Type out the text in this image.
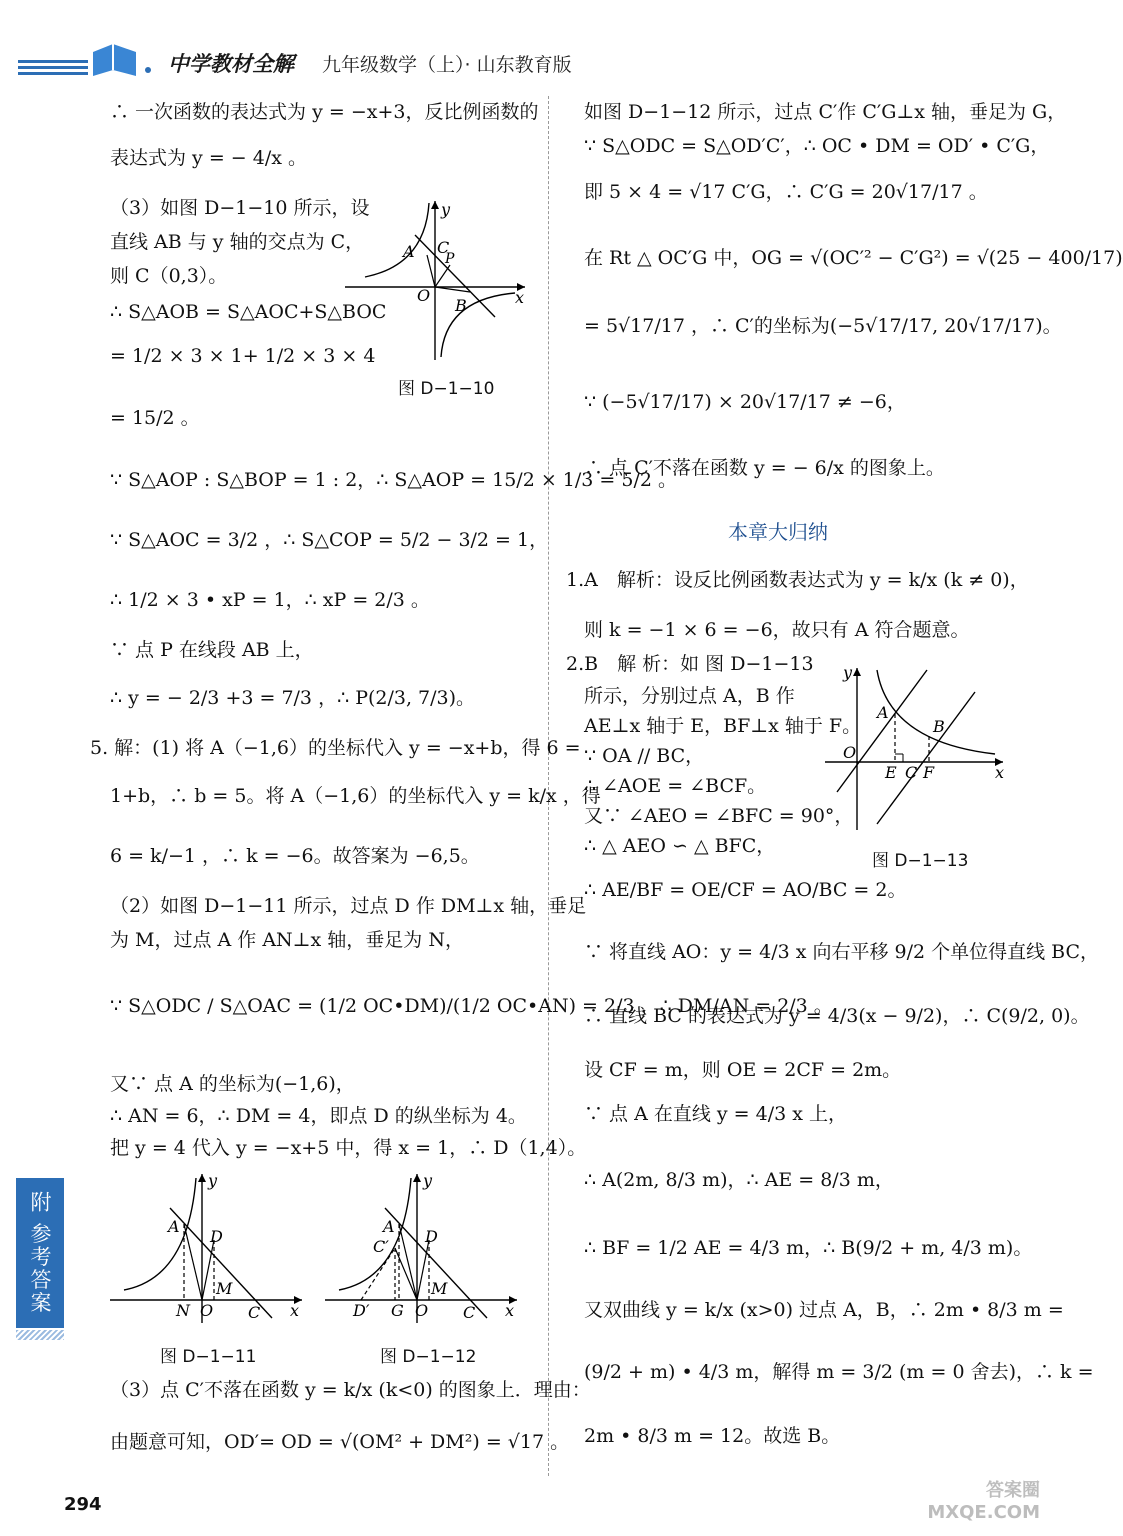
中学教材全解 九年级数学（上）· 山东教育版
∴ 一次函数的表达式为 y = −x+3，反比例函数的
表达式为 y = − 4/x 。
（3）如图 D−1−10 所示，设
直线 AB 与 y 轴的交点为 C，
则 C（0,3）。
∴ S△AOB = S△AOC+S△BOC
= 1/2 × 3 × 1+ 1/2 × 3 × 4
= 15/2 。
∵ S△AOP : S△BOP = 1 : 2，∴ S△AOP = 15/2 × 1/3 = 5/2 。
∵ S△AOC = 3/2 ，∴ S△COP = 5/2 − 3/2 = 1，
∴ 1/2 × 3 • xP = 1，∴ xP = 2/3 。
∵ 点 P 在线段 AB 上，
∴ y = − 2/3 +3 = 7/3 ，∴ P(2/3, 7/3)。
5. 解：(1) 将 A（−1,6）的坐标代入 y = −x+b，得 6 =
1+b，∴ b = 5。将 A（−1,6）的坐标代入 y = k/x ，得
6 = k/−1 ，∴ k = −6。故答案为 −6,5。
（2）如图 D−1−11 所示，过点 D 作 DM⊥x 轴，垂足
为 M，过点 A 作 AN⊥x 轴，垂足为 N，
∵ S△ODC / S△OAC = (1/2 OC•DM)/(1/2 OC•AN) = 2/3 ，∴ DM/AN = 2/3 。
又∵ 点 A 的坐标为(−1,6)，
∴ AN = 6，∴ DM = 4，即点 D 的纵坐标为 4。
把 y = 4 代入 y = −x+5 中，得 x = 1，∴ D（1,4）。
（3）点 C′不落在函数 y = k/x (k<0) 的图象上．理由：
由题意可知，OD′= OD = √(OM² + DM²) = √17 。
y
x
A C
P
O
B
图 D−1−10
y
x
A
D
M
N O C
图 D−1−11
y
x
A
C′
D
M
D′ G O C
图 D−1−12
如图 D−1−12 所示，过点 C′作 C′G⊥x 轴，垂足为 G，
∵ S△ODC = S△OD′C′，∴ OC • DM = OD′ • C′G，
即 5 × 4 = √17 C′G，∴ C′G = 20√17/17 。
在 Rt △ OC′G 中，OG = √(OC′² − C′G²) = √(25 − 400/17)
= 5√17/17 ，∴ C′的坐标为(−5√17/17, 20√17/17)。
∵ (−5√17/17) × 20√17/17 ≠ −6，
∴ 点 C′不落在函数 y = − 6/x 的图象上。
本章大归纳
1.A　解析：设反比例函数表达式为 y = k/x (k ≠ 0)，
则 k = −1 × 6 = −6，故只有 A 符合题意。
2.B　解 析：如 图 D−1−13
所示，分别过点 A，B 作
AE⊥x 轴于 E，BF⊥x 轴于 F。
∵ OA // BC，
∴ ∠AOE = ∠BCF。
又∵ ∠AEO = ∠BFC = 90°，
∴ △ AEO ∽ △ BFC，
∴ AE/BF = OE/CF = AO/BC = 2。
∵ 将直线 AO：y = 4/3 x 向右平移 9/2 个单位得直线 BC，
∴ 直线 BC 的表达式为 y = 4/3(x − 9/2)，∴ C(9/2, 0)。
设 CF = m，则 OE = 2CF = 2m。
∵ 点 A 在直线 y = 4/3 x 上，
∴ A(2m, 8/3 m)，∴ AE = 8/3 m，
∴ BF = 1/2 AE = 4/3 m，∴ B(9/2 + m, 4/3 m)。
又双曲线 y = k/x (x>0) 过点 A，B，∴ 2m • 8/3 m =
(9/2 + m) • 4/3 m，解得 m = 3/2 (m = 0 舍去)，∴ k =
2m • 8/3 m = 12。故选 B。
y
x
A
B
O
E C F
图 D−1−13
附 参考答案
294
答案圈 MXQE.COM
